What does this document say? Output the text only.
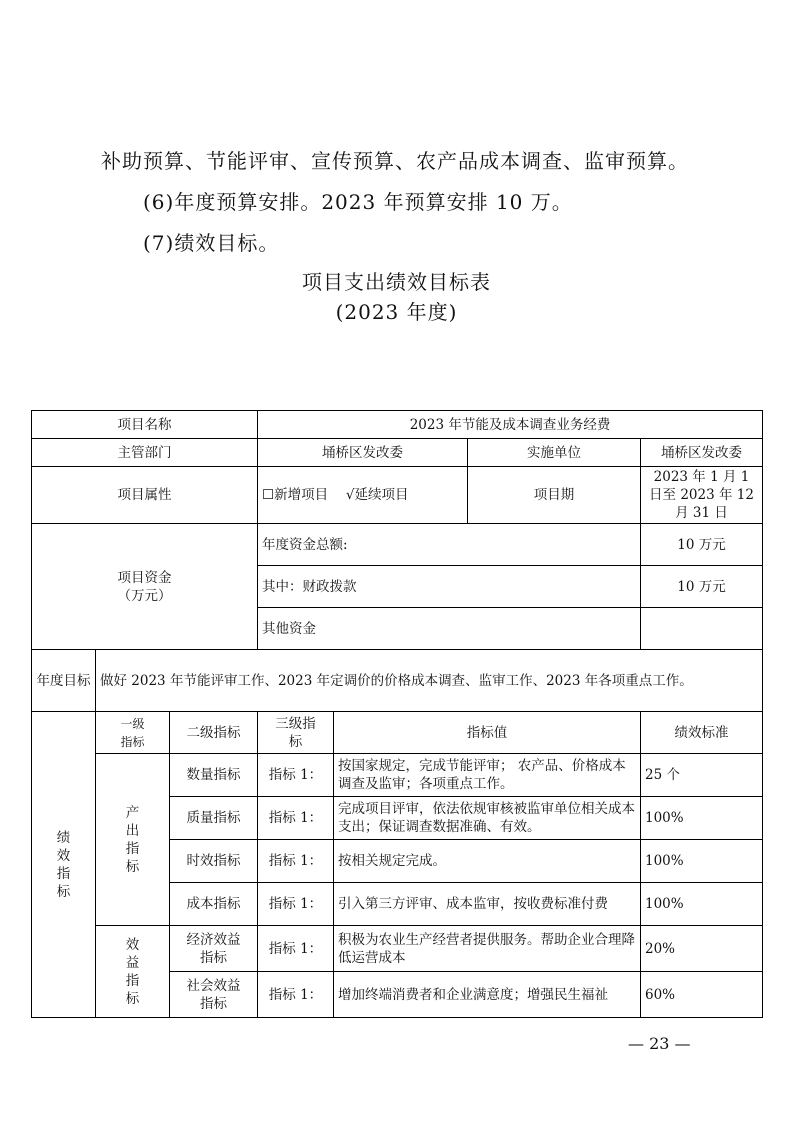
补助预算、节能评审、宣传预算、农产品成本调查、监审预算。
(6)年度预算安排。2023 年预算安排 10 万。
(7)绩效目标。
项目支出绩效目标表
(2023 年度)
项目名称			2023 年节能及成本调查业务经费			
主管部门			埇桥区发改委		实施单位	埇桥区发改委
项目属性			☐新增项目　 √延续项目		项目期	2023 年 1 月 1 日至 2023 年 12 月 31 日

项目资金
（万元）			年度资金总额:			10 万元
			其中：财政拨款			10 万元
			其他资金			
年度目标	做好 2023 年节能评审工作、2023 年定调价的价格成本调查、监审工作、2023 年各项重点工作。					

绩效指标	一级指标	二级指标	三级指标	指标值		绩效标准

	产出指标	数量指标	指标 1：	按国家规定，完成节能评审； 农产品、价格成本调查及监审；各项重点工作。		25 个
		质量指标	指标 1：	完成项目评审，依法依规审核被监审单位相关成本支出；保证调查数据准确、有效。		100%
		时效指标	指标 1：	按相关规定完成。		100%
		成本指标	指标 1：	引入第三方评审、成本监审，按收费标准付费		100%

	效益指标	经济效益指标	指标 1：	积极为农业生产经营者提供服务。帮助企业合理降低运营成本		20%

		社会效益指标	指标 1：	增加终端消费者和企业满意度；增强民生福祉		60%
— 23 —
